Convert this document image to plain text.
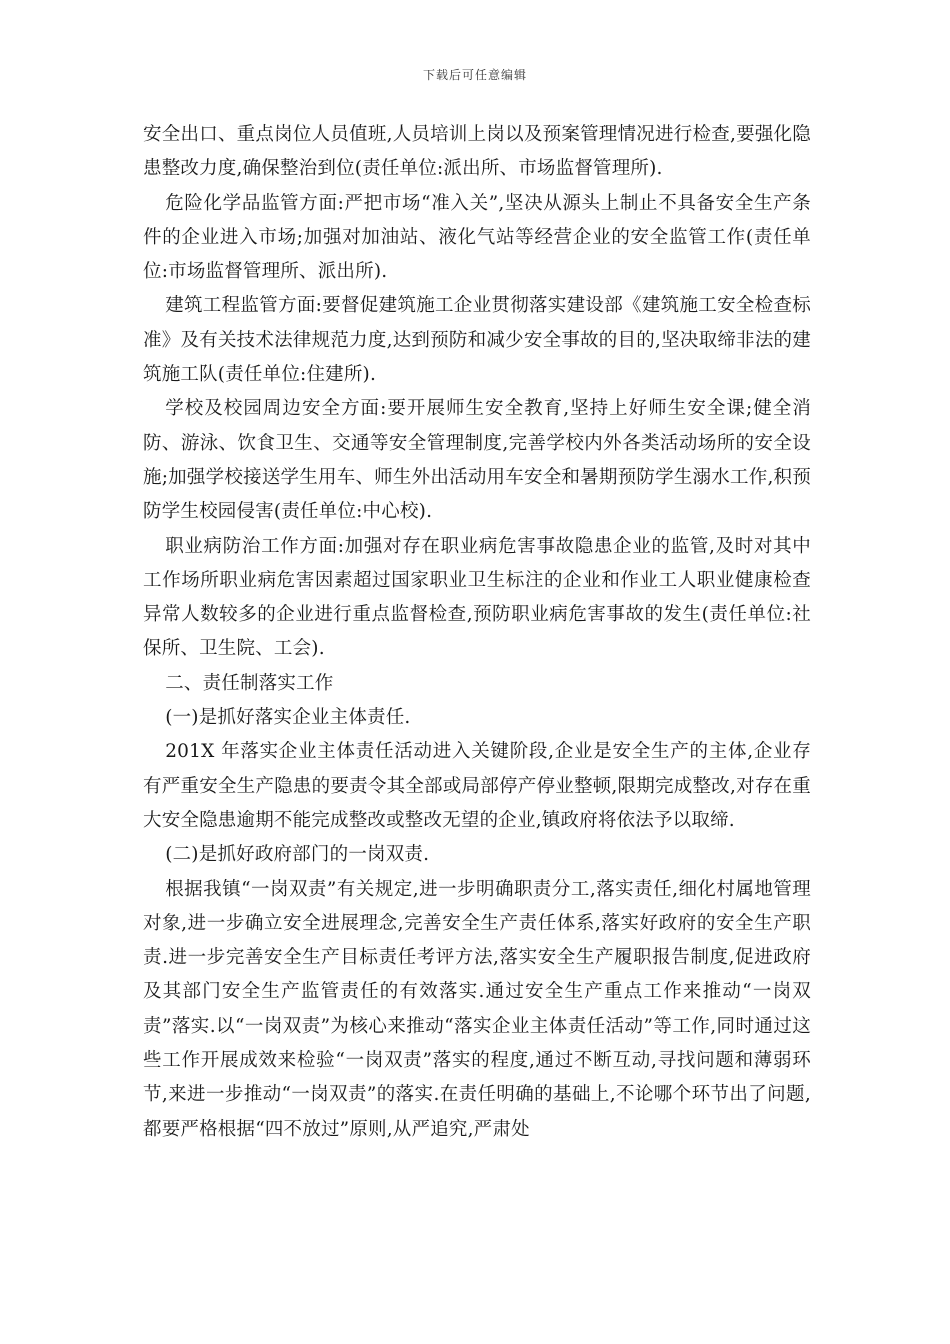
下载后可任意编辑

安全出口、重点岗位人员值班,人员培训上岗以及预案管理情况进行检查,要强化隐患整改力度,确保整治到位(责任单位:派出所、市场监督管理所).

危险化学品监管方面:严把市场“准入关”,坚决从源头上制止不具备安全生产条件的企业进入市场;加强对加油站、液化气站等经营企业的安全监管工作(责任单位:市场监督管理所、派出所).

建筑工程监管方面:要督促建筑施工企业贯彻落实建设部《建筑施工安全检查标准》及有关技术法律规范力度,达到预防和减少安全事故的目的,坚决取缔非法的建筑施工队(责任单位:住建所).

学校及校园周边安全方面:要开展师生安全教育,坚持上好师生安全课;健全消防、游泳、饮食卫生、交通等安全管理制度,完善学校内外各类活动场所的安全设施;加强学校接送学生用车、师生外出活动用车安全和暑期预防学生溺水工作,积预防学生校园侵害(责任单位:中心校).

职业病防治工作方面:加强对存在职业病危害事故隐患企业的监管,及时对其中工作场所职业病危害因素超过国家职业卫生标注的企业和作业工人职业健康检查异常人数较多的企业进行重点监督检查,预防职业病危害事故的发生(责任单位:社保所、卫生院、工会).

二、责任制落实工作

(一)是抓好落实企业主体责任.

201X 年落实企业主体责任活动进入关键阶段,企业是安全生产的主体,企业存有严重安全生产隐患的要责令其全部或局部停产停业整顿,限期完成整改,对存在重大安全隐患逾期不能完成整改或整改无望的企业,镇政府将依法予以取缔.

(二)是抓好政府部门的一岗双责.

根据我镇“一岗双责”有关规定,进一步明确职责分工,落实责任,细化村属地管理对象,进一步确立安全进展理念,完善安全生产责任体系,落实好政府的安全生产职责.进一步完善安全生产目标责任考评方法,落实安全生产履职报告制度,促进政府及其部门安全生产监管责任的有效落实.通过安全生产重点工作来推动“一岗双责”落实.以“一岗双责”为核心来推动“落实企业主体责任活动”等工作,同时通过这些工作开展成效来检验“一岗双责”落实的程度,通过不断互动,寻找问题和薄弱环节,来进一步推动“一岗双责”的落实.在责任明确的基础上,不论哪个环节出了问题,都要严格根据“四不放过”原则,从严追究,严肃处
